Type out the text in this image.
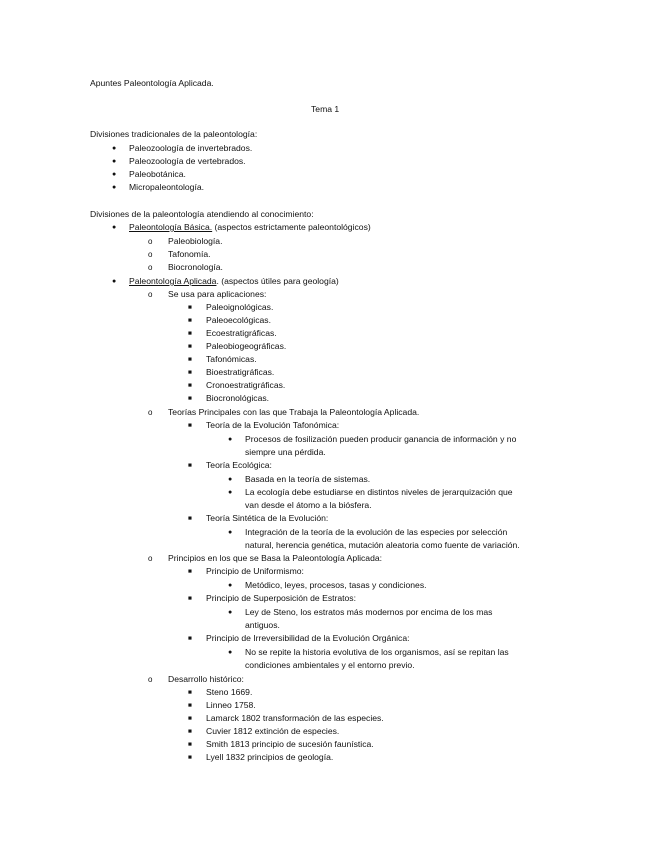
Apuntes Paleontología Aplicada.
Tema 1
Divisiones tradicionales de la paleontología:
●	Paleozoología de invertebrados.
●	Paleozoología de vertebrados.
●	Paleobotánica.
●	Micropaleontología.
Divisiones de la paleontología atendiendo al conocimiento:
●	Paleontología Básica. (aspectos estrictamente paleontológicos)
o	Paleobiología.
o	Tafonomía.
o	Biocronología.
●	Paleontología Aplicada. (aspectos útiles para geología)
o	Se usa para aplicaciones:
■	Paleoignológicas.
■	Paleoecológicas.
■	Ecoestratigráficas.
■	Paleobiogeográficas.
■	Tafonómicas.
■	Bioestratigráficas.
■	Cronoestratigráficas.
■	Biocronológicas.
o	Teorías Principales con las que Trabaja la Paleontología Aplicada.
■	Teoría de la Evolución Tafonómica:
●	Procesos de fosilización pueden producir ganancia de información y no
siempre una pérdida.
■	Teoría Ecológica:
●	Basada en la teoría de sistemas.
●	La ecología debe estudiarse en distintos niveles de jerarquización que
van desde el átomo a la biósfera.
■	Teoría Sintética de la Evolución:
●	Integración de la teoría de la evolución de las especies por selección
natural, herencia genética, mutación aleatoria como fuente de variación.
o	Principios en los que se Basa la Paleontología Aplicada:
■	Principio de Uniformismo:
●	Metódico, leyes, procesos, tasas y condiciones.
■	Principio de Superposición de Estratos:
●	Ley de Steno, los estratos más modernos por encima de los mas
antiguos.
■	Principio de Irreversibilidad de la Evolución Orgánica:
●	No se repite la historia evolutiva de los organismos, así se repitan las
condiciones ambientales y el entorno previo.
o	Desarrollo histórico:
■	Steno 1669.
■	Linneo 1758.
■	Lamarck 1802 transformación de las especies.
■	Cuvier 1812 extinción de especies.
■	Smith 1813 principio de sucesión faunística.
■	Lyell 1832 principios de geología.
